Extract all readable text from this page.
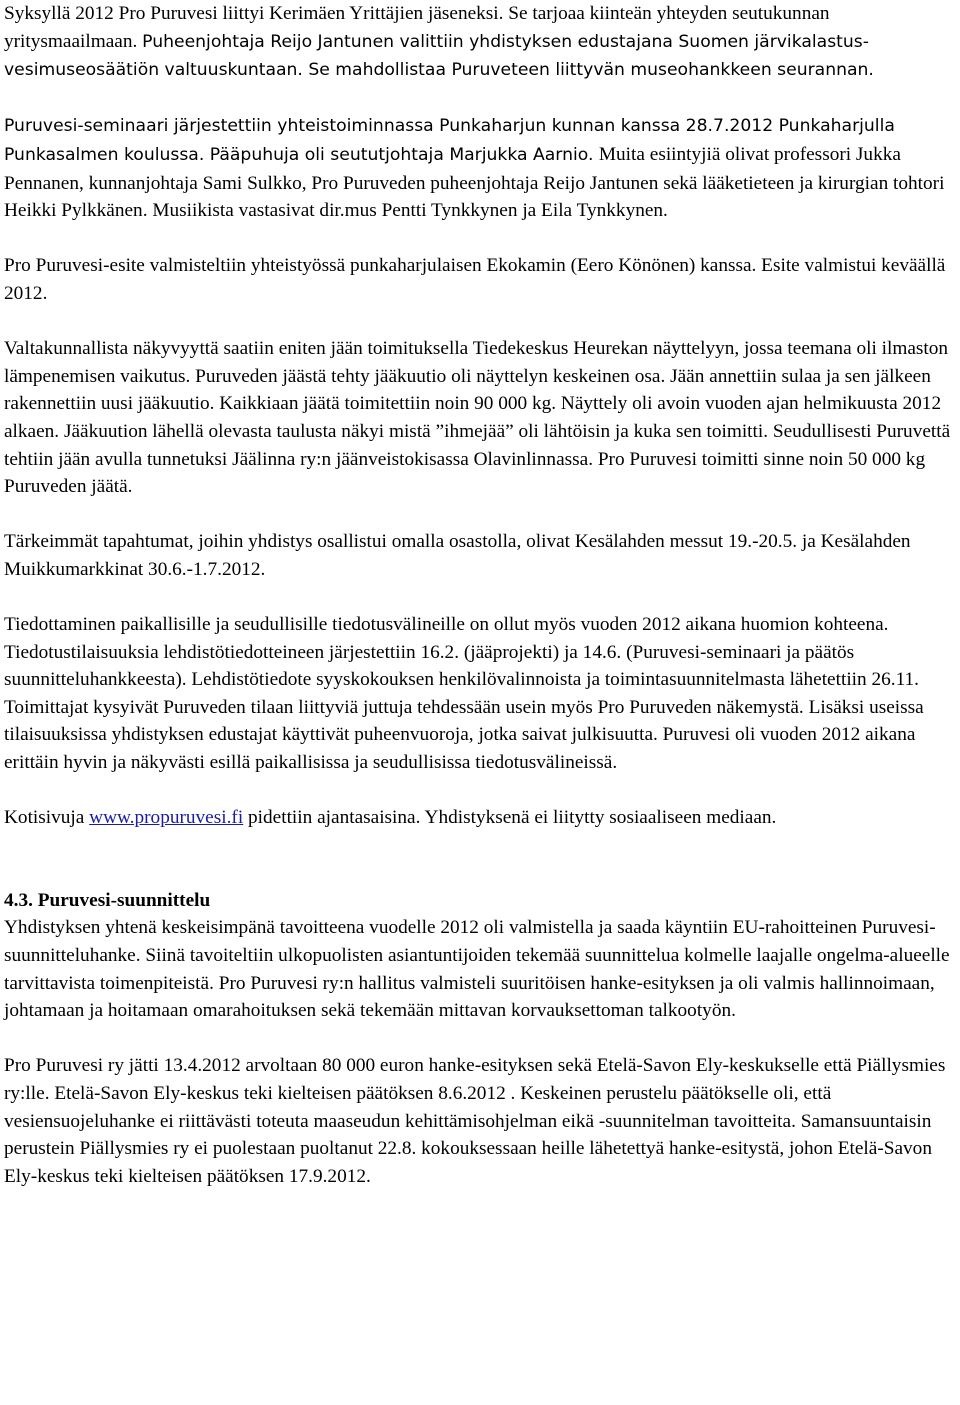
Syksyllä 2012 Pro Puruvesi liittyi Kerimäen Yrittäjien jäseneksi. Se tarjoaa kiinteän yhteyden seutukunnan yritysmaailmaan. Puheenjohtaja Reijo Jantunen valittiin yhdistyksen edustajana Suomen järvikalastus- vesimuseosäätiön valtuuskuntaan. Se mahdollistaa Puruveteen liittyvän museohankkeen seurannan.

Puruvesi-seminaari järjestettiin yhteistoiminnassa Punkaharjun kunnan kanssa 28.7.2012 Punkaharjulla Punkasalmen koulussa. Pääpuhuja oli seututjohtaja Marjukka Aarnio. Muita esiintyjiä olivat professori Jukka Pennanen, kunnanjohtaja Sami Sulkko, Pro Puruveden puheenjohtaja Reijo Jantunen sekä lääketieteen ja kirurgian tohtori Heikki Pylkkänen. Musiikista vastasivat dir.mus Pentti Tynkkynen ja Eila Tynkkynen.

Pro Puruvesi-esite valmisteltiin yhteistyössä punkaharjulaisen Ekokamin (Eero Könönen) kanssa. Esite valmistui keväällä 2012.

Valtakunnallista näkyvyyttä saatiin eniten jään toimituksella Tiedekeskus Heurekan näyttelyyn, jossa teemana oli ilmaston lämpenemisen vaikutus. Puruveden jäästä tehty jääkuutio oli näyttelyn keskeinen osa. Jään annettiin sulaa ja sen jälkeen rakennettiin uusi jääkuutio. Kaikkiaan jäätä toimitettiin noin 90 000 kg. Näyttely oli avoin vuoden ajan helmikuusta 2012 alkaen. Jääkuution lähellä olevasta taulusta näkyi mistä ”ihmejää” oli lähtöisin ja kuka sen toimitti. Seudullisesti Puruvettä tehtiin jään avulla tunnetuksi Jäälinna ry:n jäänveistokisassa Olavinlinnassa. Pro Puruvesi toimitti sinne noin 50 000 kg Puruveden jäätä.

Tärkeimmät tapahtumat, joihin yhdistys osallistui omalla osastolla, olivat Kesälahden messut 19.-20.5. ja Kesälahden Muikkumarkkinat 30.6.-1.7.2012.

Tiedottaminen paikallisille ja seudullisille tiedotusvälineille on ollut myös vuoden 2012 aikana huomion kohteena. Tiedotustilaisuuksia lehdistötiedotteineen järjestettiin 16.2. (jääprojekti) ja 14.6. (Puruvesi-seminaari ja päätös suunnitteluhankkeesta). Lehdistötiedote syyskokouksen henkilövalinnoista ja toimintasuunnitelmasta lähetettiin 26.11. Toimittajat kysyivät Puruveden tilaan liittyviä juttuja tehdessään usein myös Pro Puruveden näkemystä. Lisäksi useissa tilaisuuksissa yhdistyksen edustajat käyttivät puheenvuoroja, jotka saivat julkisuutta. Puruvesi oli vuoden 2012 aikana erittäin hyvin ja näkyvästi esillä paikallisissa ja seudullisissa tiedotusvälineissä.

Kotisivuja www.propuruvesi.fi pidettiin ajantasaisina. Yhdistyksenä ei liitytty sosiaaliseen mediaan.

4.3. Puruvesi-suunnittelu

Yhdistyksen yhtenä keskeisimpänä tavoitteena vuodelle 2012 oli valmistella ja saada käyntiin EU-rahoitteinen Puruvesi-suunnitteluhanke. Siinä tavoiteltiin ulkopuolisten asiantuntijoiden tekemää suunnittelua kolmelle laajalle ongelma-alueelle tarvittavista toimenpiteistä. Pro Puruvesi ry:n hallitus valmisteli suuritöisen hanke-esityksen ja oli valmis hallinnoimaan, johtamaan ja hoitamaan omarahoituksen sekä tekemään mittavan korvauksettoman talkootyön.

Pro Puruvesi ry jätti 13.4.2012 arvoltaan 80 000 euron hanke-esityksen sekä Etelä-Savon Ely-keskukselle että Piällysmies ry:lle. Etelä-Savon Ely-keskus teki kielteisen päätöksen 8.6.2012 . Keskeinen perustelu päätökselle oli, että vesiensuojeluhanke ei riittävästi toteuta maaseudun kehittämisohjelman eikä -suunnitelman tavoitteita. Samansuuntaisin perustein Piällysmies ry ei puolestaan puoltanut 22.8. kokouksessaan heille lähetettyä hanke-esitystä, johon Etelä-Savon Ely-keskus teki kielteisen päätöksen 17.9.2012.
